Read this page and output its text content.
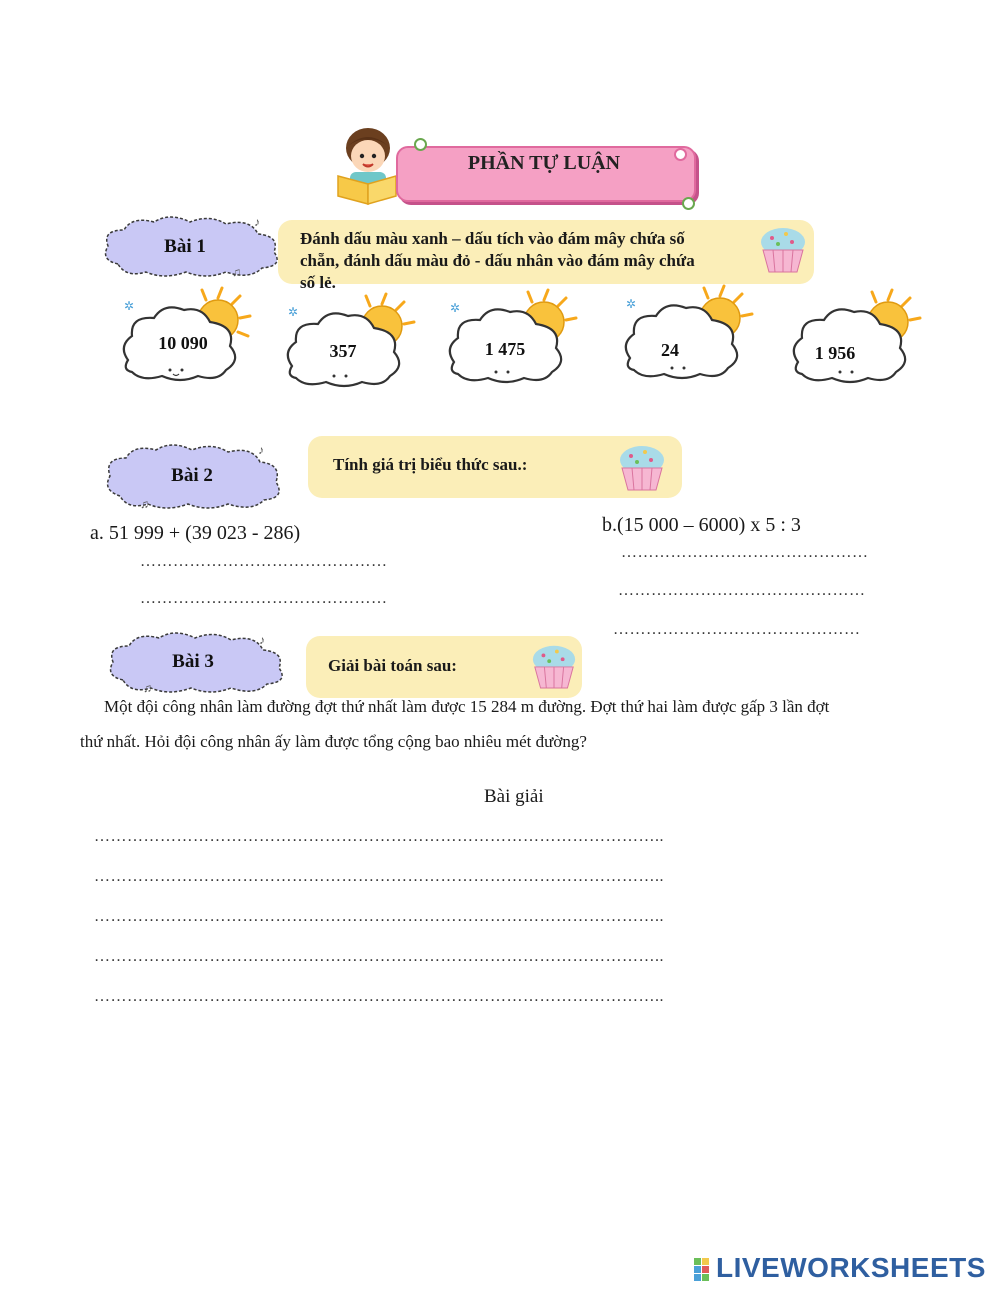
PHẦN TỰ LUẬN
♪
♫
Bài 1	Đánh dấu màu xanh – dấu tích vào đám mây chứa số
chẵn, đánh dấu màu đỏ - dấu nhân vào đám mây chứa
số lẻ.
✲	✲	✲	✲
10 090	357	1 475	24	1 956
♪
♫
Bài 2
Tính giá trị biểu thức sau.:
a. 51 999 + (39 023 - 286)
………………………………………
………………………………………
b.(15 000 – 6000) x 5 : 3
………………………………………
………………………………………
………………………………………
♪
♫
Bài 3	Giải bài toán sau:
Một đội công nhân làm đường đợt thứ nhất làm được 15 284 m đường. Đợt thứ hai làm được gấp 3 lần đợt
thứ nhất. Hỏi đội công nhân ấy làm được tổng cộng bao nhiêu mét đường?
Bài giải
…………………………………………………………………………………………..
…………………………………………………………………………………………..
…………………………………………………………………………………………..
…………………………………………………………………………………………..
…………………………………………………………………………………………..

LIVEWORKSHEETS
